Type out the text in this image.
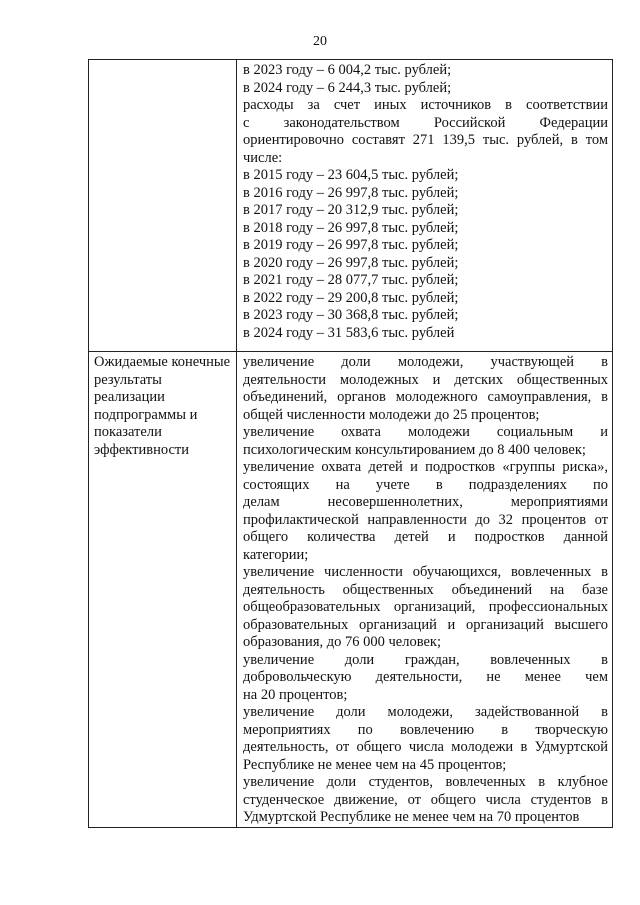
20
в 2023 году – 6 004,2 тыс. рублей;
в 2024 году – 6 244,3 тыс. рублей;
расходы за счет иных источников в соответствии
с законодательством Российской Федерации
ориентировочно составят 271 139,5 тыс. рублей, в том
числе:
в 2015 году – 23 604,5 тыс. рублей;
в 2016 году – 26 997,8 тыс. рублей;
в 2017 году – 20 312,9 тыс. рублей;
в 2018 году – 26 997,8 тыс. рублей;
в 2019 году – 26 997,8 тыс. рублей;
в 2020 году – 26 997,8 тыс. рублей;
в 2021 году – 28 077,7 тыс. рублей;
в 2022 году – 29 200,8 тыс. рублей;
в 2023 году – 30 368,8 тыс. рублей;
в 2024 году – 31 583,6 тыс. рублей
Ожидаемые конечные
результаты
реализации
подпрограммы и
показатели
эффективности
увеличение доли молодежи, участвующей в
деятельности молодежных и детских общественных
объединений, органов молодежного самоуправления, в
общей численности молодежи до 25 процентов;
увеличение охвата молодежи социальным и
психологическим консультированием до 8 400 человек;
увеличение охвата детей и подростков «группы риска»,
состоящих на учете в подразделениях по
делам несовершеннолетних, мероприятиями
профилактической направленности до 32 процентов от
общего количества детей и подростков данной
категории;
увеличение численности обучающихся, вовлеченных в
деятельность общественных объединений на базе
общеобразовательных организаций, профессиональных
образовательных организаций и организаций высшего
образования, до 76 000 человек;
увеличение доли граждан, вовлеченных в
добровольческую деятельности, не менее чем
на 20 процентов;
увеличение доли молодежи, задействованной в
мероприятиях по вовлечению в творческую
деятельность, от общего числа молодежи в Удмуртской
Республике не менее чем на 45 процентов;
увеличение доли студентов, вовлеченных в клубное
студенческое движение, от общего числа студентов в
Удмуртской Республике не менее чем на 70 процентов
